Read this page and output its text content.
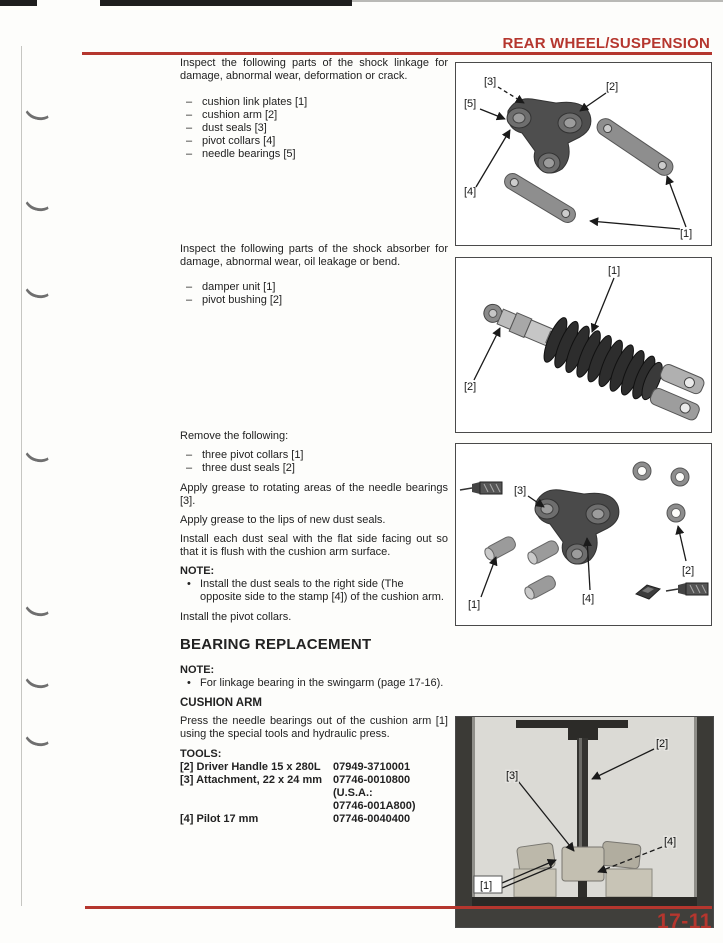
REAR WHEEL/SUSPENSION
Inspect the following parts of the shock linkage for damage, abnormal wear, deformation or crack.
– cushion link plates [1]
– cushion arm [2]
– dust seals [3]
– pivot collars [4]
– needle bearings [5]
Inspect the following parts of the shock absorber for damage, abnormal wear, oil leakage or bend.
– damper unit [1]
– pivot bushing [2]
Remove the following:
– three pivot collars [1]
– three dust seals [2]
Apply grease to rotating areas of the needle bearings [3].
Apply grease to the lips of new dust seals.
Install each dust seal with the flat side facing out so that it is flush with the cushion arm surface.
NOTE:
• Install the dust seals to the right side (The opposite side to the stamp [4]) of the cushion arm.
Install the pivot collars.
BEARING REPLACEMENT
NOTE:
• For linkage bearing in the swingarm (page 17-16).
CUSHION ARM
Press the needle bearings out of the cushion arm [1] using the special tools and hydraulic press.
TOOLS:
[2] Driver Handle 15 x 280L	07949-3710001
[3] Attachment, 22 x 24 mm 07746-0010800
(U.S.A.:
07746-001A800)
[4] Pilot 17 mm	07746-0040400
[3]	[2]
[5]
[4]
[1]
[1]
[2]
[3]
[1]	[4]
[2]
[2]
[3]
[4]
[1]
17-11
